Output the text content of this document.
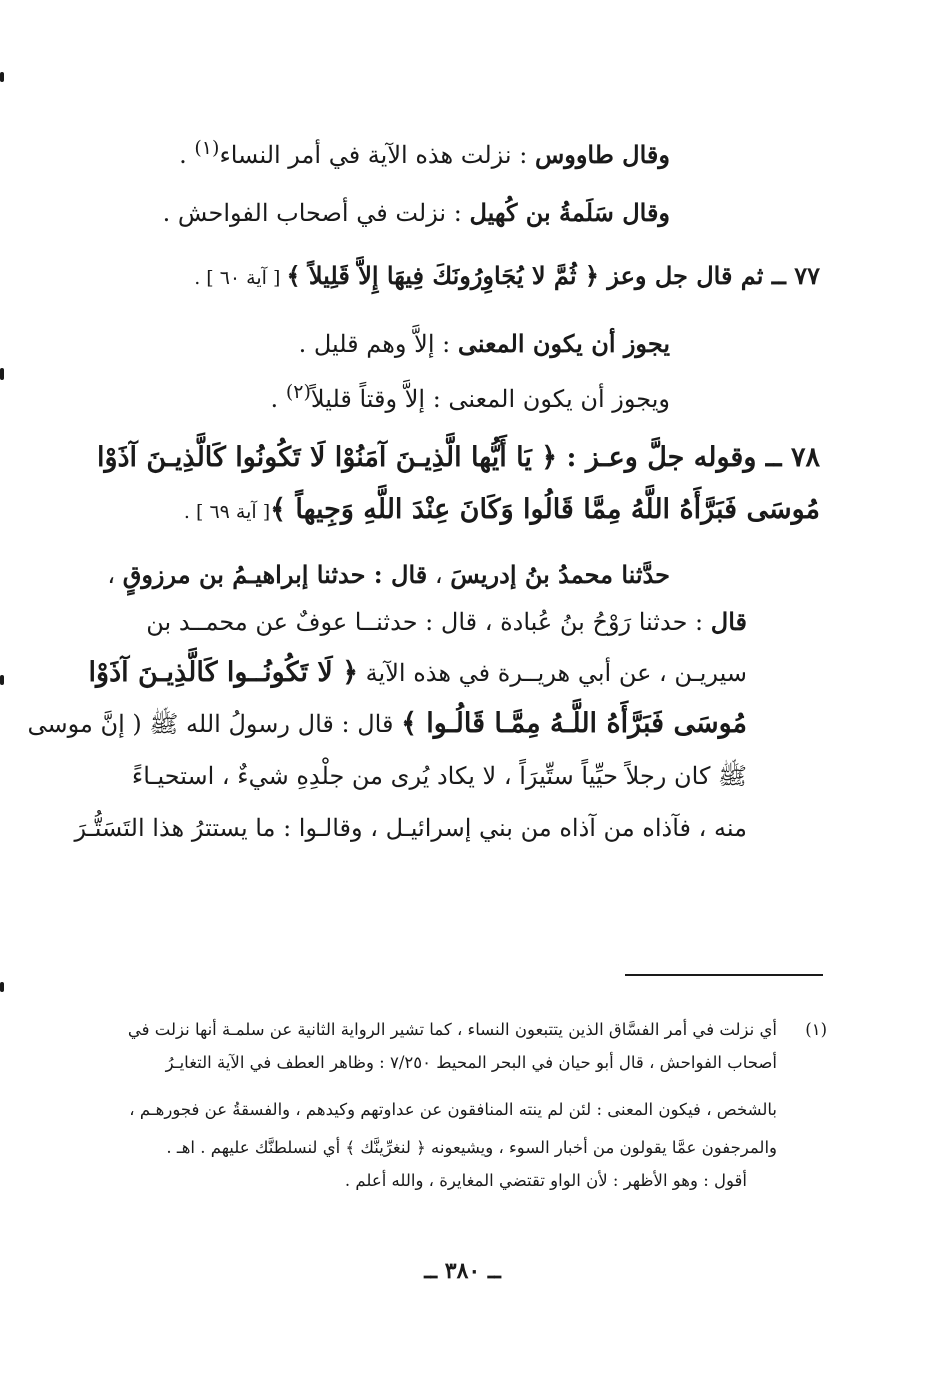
وقال طاووس : نزلت هذه الآية في أمر النساء$^{(١)}$ .
وقال سَلَمةُ بن كُهيل : نزلت في أصحاب الفواحش .
٧٧ ــ ثم قال جل وعز ﴿ ثُمَّ لا يُجَاوِرُونَكَ فِيهَا إِلاَّ قَلِيلاً ﴾ [ آية ٦٠ ] .
يجوز أن يكون المعنى : إلاَّ وهم قليل .
ويجوز أن يكون المعنى : إلاَّ وقتاً قليلاً$^{(٢)}$ .
٧٨ ــ وقوله جلَّ وعـز : ﴿ يَا أَيُّها الَّذِيـنَ آمَنُوْا لَا تَكُونُوا كَالَّذِيـنَ آذَوْا
مُوسَى فَبَرَّأَهُ اللَّهُ مِمَّا قَالُوا وَكَانَ عِنْدَ اللَّهِ وَجِيهاً ﴾[ آية ٦٩ ] .
حدَّثنا محمدُ بنُ إدريسَ ، قال : حدثنا إبراهيـمُ بن مرزوقٍ ،
قال : حدثنا رَوْحُ بنُ عُبادة ، قال : حدثنــا عوفٌ عن محمــد بن
سيريـن ، عن أبي هريــرة في هذه الآية ﴿ لَا تَكُونُــوا كَالَّذِيـنَ آذَوْا
مُوسَى فَبَرَّأَهُ اللَّـهُ مِمَّـا قَالُـوا ﴾ قال : قال رسولُ الله ﷺ ( إنَّ موسى
ﷺ كان رجلاً حيِّياً ستِّيرَاً ، لا يكاد يُرى من جلْدِهِ شيءٌ ، استحيـاءً
منه ، فآذاه من آذاه من بني إسرائيـل ، وقالـوا : ما يستترُ هذا التَسَتُّـرَ
(١)
أي نزلت في أمر الفسَّاق الذين يتتبعون النساء ، كما تشير الرواية الثانية عن سلمـة أنها نزلت في
أصحاب الفواحش ، قال أبو حيان في البحر المحيط ٧/٢٥٠ : وظاهر العطف في الآية التغايـرُ
بالشخص ، فيكون المعنى : لئن لم ينته المنافقون عن عداوتهم وكيدهم ، والفسقةُ عن فجورهـم ،
والمرجفون عمَّا يقولون من أخبار السوء ، ويشيعونه ﴿ لنغرِّينَّك ﴾ أي لنسلطنَّك عليهم . اهـ .
أقول : وهو الأظهر : لأن الواو تقتضي المغايرة ، والله أعلم .
ــ ٣٨٠ ــ
